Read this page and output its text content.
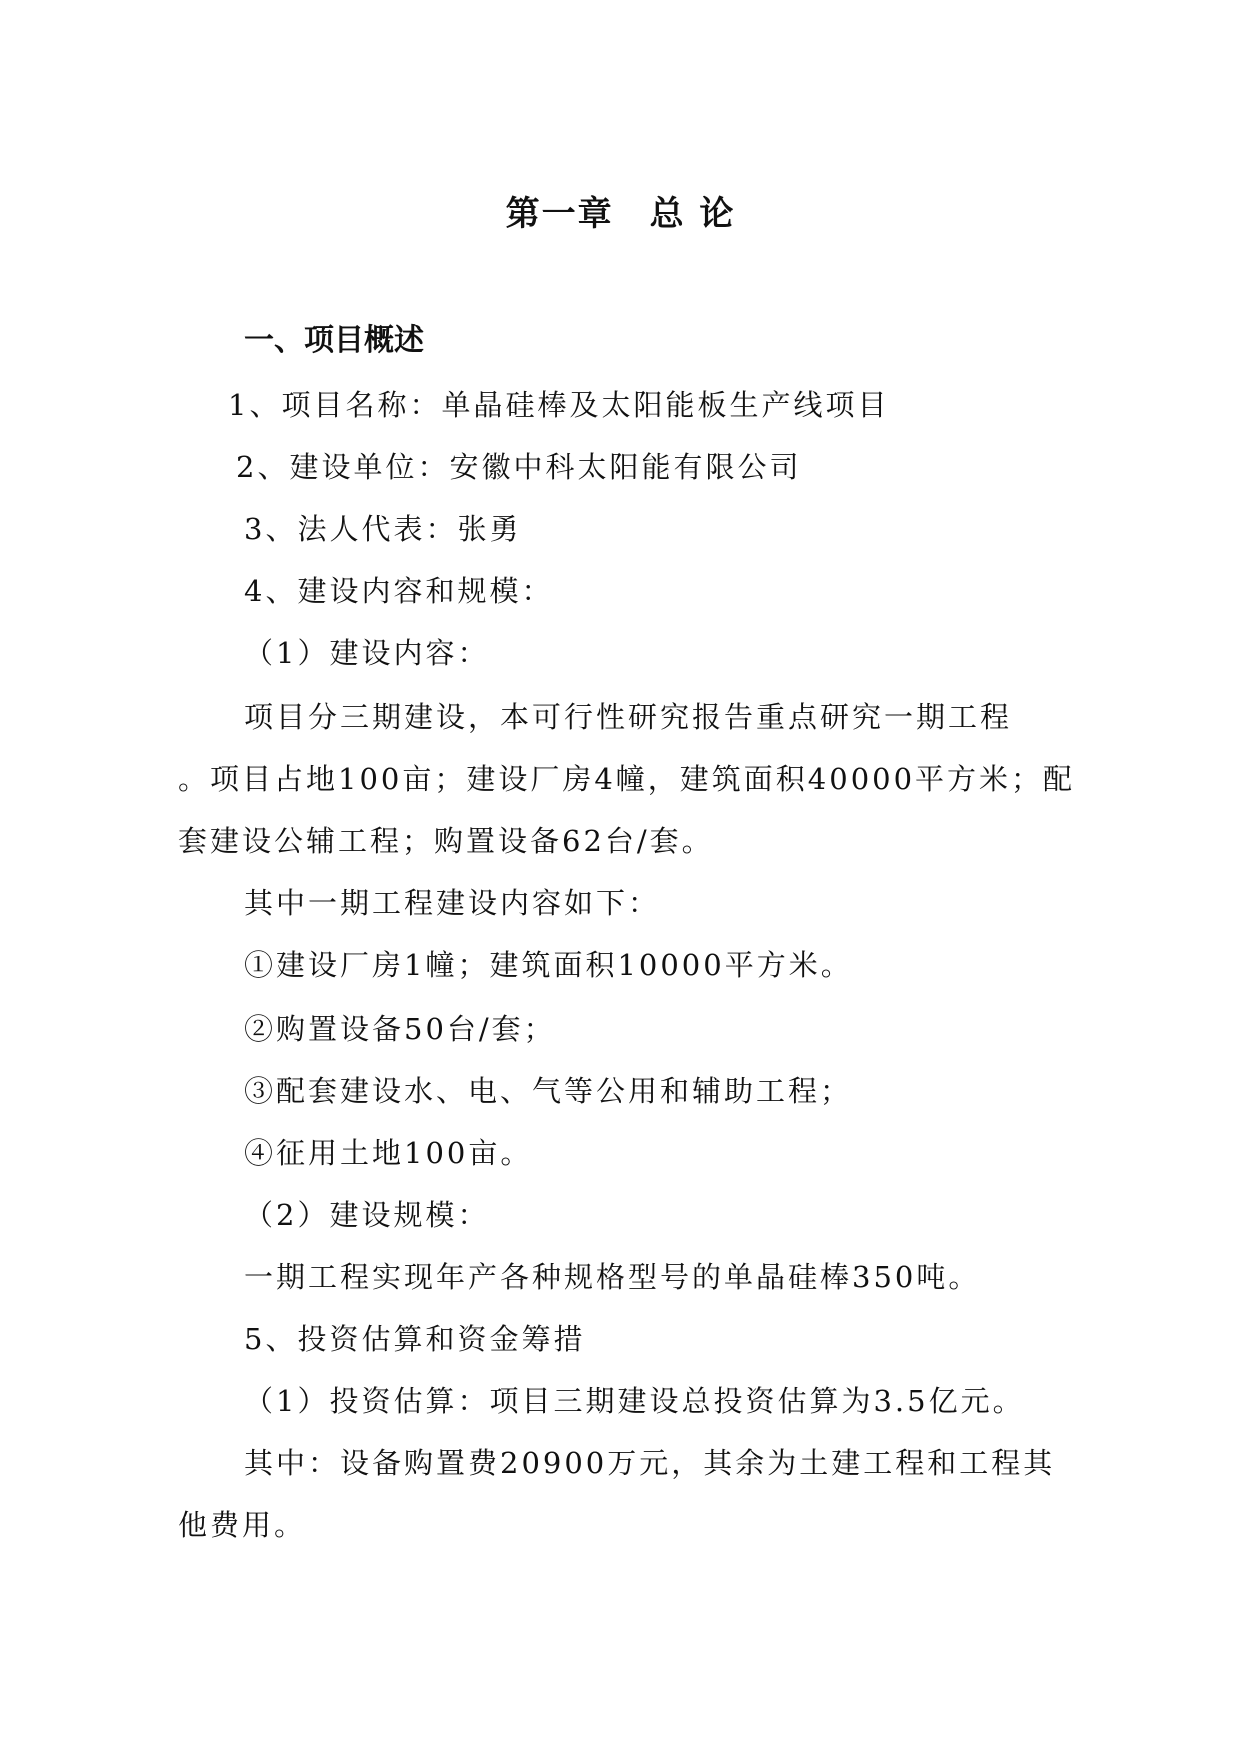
第一章　总 论
一、项目概述
1、项目名称：单晶硅棒及太阳能板生产线项目
2、建设单位：安徽中科太阳能有限公司
3、法人代表：张勇
4、建设内容和规模：
（1）建设内容：
项目分三期建设，本可行性研究报告重点研究一期工程
。项目占地100亩；建设厂房4幢，建筑面积40000平方米；配
套建设公辅工程；购置设备62台/套。
其中一期工程建设内容如下：
①建设厂房1幢；建筑面积10000平方米。
②购置设备50台/套；
③配套建设水、电、气等公用和辅助工程；
④征用土地100亩。
（2）建设规模：
一期工程实现年产各种规格型号的单晶硅棒350吨。
5、投资估算和资金筹措
（1）投资估算：项目三期建设总投资估算为3.5亿元。
其中：设备购置费20900万元，其余为土建工程和工程其
他费用。
